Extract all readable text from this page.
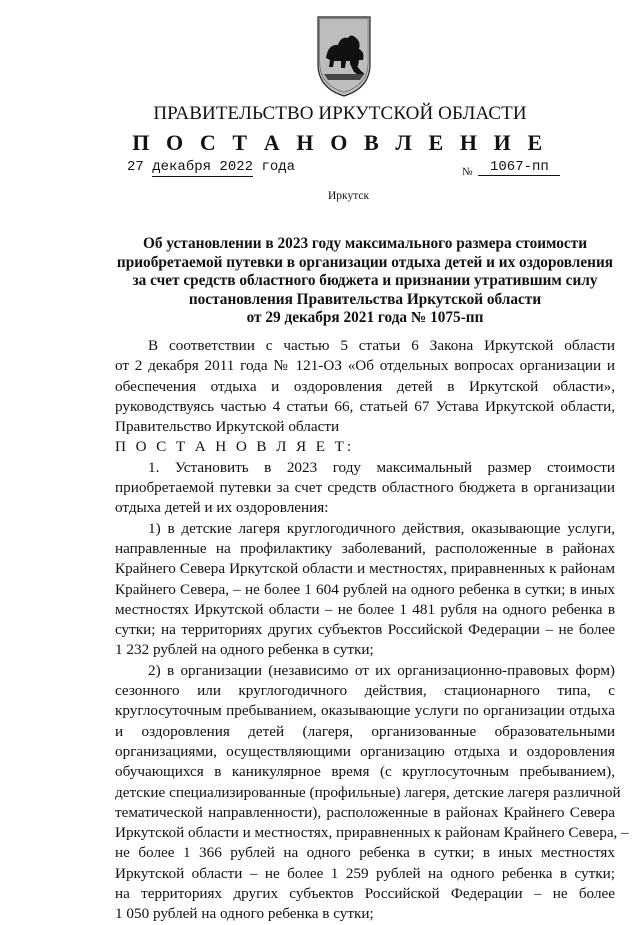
ПРАВИТЕЛЬСТВО ИРКУТСКОЙ ОБЛАСТИ
П О С Т А Н О В Л Е Н И Е
27 декабря 2022 года	№	1067-пп
Иркутск
Об установлении в 2023 году максимального размера стоимости
приобретаемой путевки в организации отдыха детей и их оздоровления
за счет средств областного бюджета и признании утратившим силу
постановления Правительства Иркутской области
от 29 декабря 2021 года № 1075-пп
В соответствии с частью 5 статьи 6 Закона Иркутской области
от 2 декабря 2011 года № 121-ОЗ «Об отдельных вопросах организации и
обеспечения отдыха и оздоровления детей в Иркутской области»,
руководствуясь частью 4 статьи 66, статьей 67 Устава Иркутской области,
Правительство Иркутской области
П О С Т А Н О В Л Я Е Т:
1. Установить в 2023 году максимальный размер стоимости
приобретаемой путевки за счет средств областного бюджета в организации
отдыха детей и их оздоровления:
1) в детские лагеря круглогодичного действия, оказывающие услуги,
направленные на профилактику заболеваний, расположенные в районах
Крайнего Севера Иркутской области и местностях, приравненных к районам
Крайнего Севера, – не более 1 604 рублей на одного ребенка в сутки; в иных
местностях Иркутской области – не более 1 481 рубля на одного ребенка в
сутки; на территориях других субъектов Российской Федерации – не более
1 232 рублей на одного ребенка в сутки;
2) в организации (независимо от их организационно-правовых форм)
сезонного или круглогодичного действия, стационарного типа, с
круглосуточным пребыванием, оказывающие услуги по организации отдыха
и оздоровления детей (лагеря, организованные образовательными
организациями, осуществляющими организацию отдыха и оздоровления
обучающихся в каникулярное время (с круглосуточным пребыванием),
детские специализированные (профильные) лагеря, детские лагеря различной
тематической направленности), расположенные в районах Крайнего Севера
Иркутской области и местностях, приравненных к районам Крайнего Севера, –
не более 1 366 рублей на одного ребенка в сутки; в иных местностях
Иркутской области – не более 1 259 рублей на одного ребенка в сутки;
на территориях других субъектов Российской Федерации – не более
1 050 рублей на одного ребенка в сутки;
